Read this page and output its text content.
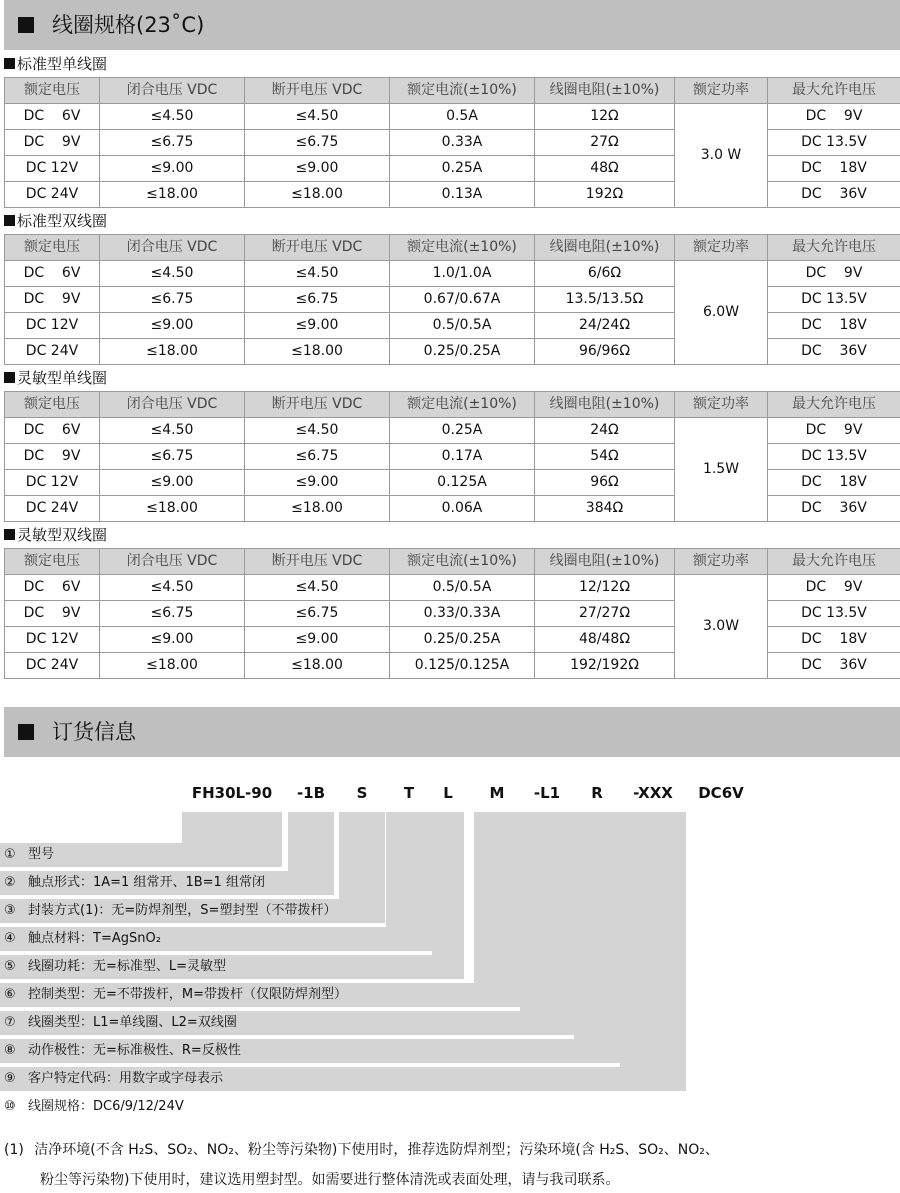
线圈规格(23˚C)
标准型单线圈
额定电压	闭合电压 VDC	断开电压 VDC	额定电流(±10%)	线圈电阻(±10%)	额定功率	最大允许电压
DC    6V	≤4.50	≤4.50	0.5A	12Ω	3.0 W	DC    9V
DC    9V	≤6.75	≤6.75	0.33A	27Ω		DC 13.5V
DC 12V	≤9.00	≤9.00	0.25A	48Ω		DC    18V
DC 24V	≤18.00	≤18.00	0.13A	192Ω		DC    36V
标准型双线圈
额定电压	闭合电压 VDC	断开电压 VDC	额定电流(±10%)	线圈电阻(±10%)	额定功率	最大允许电压
DC    6V	≤4.50	≤4.50	1.0/1.0A	6/6Ω	6.0W	DC    9V
DC    9V	≤6.75	≤6.75	0.67/0.67A	13.5/13.5Ω		DC 13.5V
DC 12V	≤9.00	≤9.00	0.5/0.5A	24/24Ω		DC    18V
DC 24V	≤18.00	≤18.00	0.25/0.25A	96/96Ω		DC    36V
灵敏型单线圈
额定电压	闭合电压 VDC	断开电压 VDC	额定电流(±10%)	线圈电阻(±10%)	额定功率	最大允许电压
DC    6V	≤4.50	≤4.50	0.25A	24Ω	1.5W	DC    9V
DC    9V	≤6.75	≤6.75	0.17A	54Ω		DC 13.5V
DC 12V	≤9.00	≤9.00	0.125A	96Ω		DC    18V
DC 24V	≤18.00	≤18.00	0.06A	384Ω		DC    36V
灵敏型双线圈
额定电压	闭合电压 VDC	断开电压 VDC	额定电流(±10%)	线圈电阻(±10%)	额定功率	最大允许电压
DC    6V	≤4.50	≤4.50	0.5/0.5A	12/12Ω	3.0W	DC    9V
DC    9V	≤6.75	≤6.75	0.33/0.33A	27/27Ω		DC 13.5V
DC 12V	≤9.00	≤9.00	0.25/0.25A	48/48Ω		DC    18V
DC 24V	≤18.00	≤18.00	0.125/0.125A	192/192Ω		DC    36V
订货信息
FH30L-90	-1B	S	T	L	M	-L1	R	-XXX	DC6V
① 型号
② 触点形式：1A=1 组常开、1B=1 组常闭
③ 封装方式(1)：无=防焊剂型，S=塑封型（不带拨杆）
④ 触点材料：T=AgSnO₂
⑤ 线圈功耗：无=标准型、L=灵敏型
⑥ 控制类型：无=不带拨杆，M=带拨杆（仅限防焊剂型）
⑦ 线圈类型：L1=单线圈、L2=双线圈
⑧ 动作极性：无=标准极性、R=反极性
⑨ 客户特定代码：用数字或字母表示
⑩ 线圈规格：DC6/9/12/24V
(1) 洁净环境(不含 H₂S、SO₂、NO₂、粉尘等污染物)下使用时，推荐选防焊剂型；污染环境(含 H₂S、SO₂、NO₂、
粉尘等污染物)下使用时，建议选用塑封型。如需要进行整体清洗或表面处理，请与我司联系。
